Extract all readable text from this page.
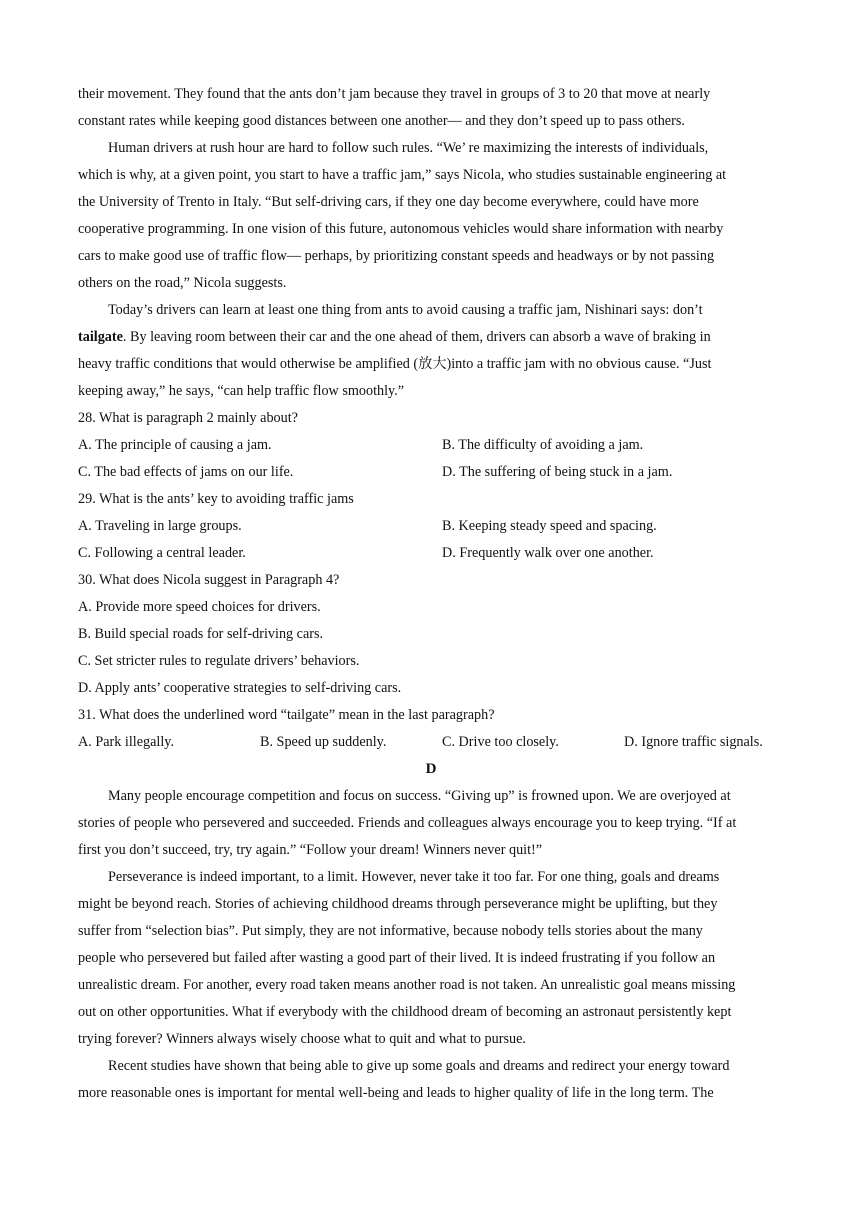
their movement. They found that the ants don’t jam because they travel in groups of 3 to 20 that move at nearly
constant rates while keeping good distances between one another— and they don’t speed up to pass others.
Human drivers at rush hour are hard to follow such rules. “We’ re maximizing the interests of individuals,
which is why, at a given point, you start to have a traffic jam,” says Nicola, who studies sustainable engineering at
the University of Trento in Italy. “But self-driving cars, if they one day become everywhere, could have more
cooperative programming. In one vision of this future, autonomous vehicles would share information with nearby
cars to make good use of traffic flow— perhaps, by prioritizing constant speeds and headways or by not passing
others on the road,” Nicola suggests.
Today’s drivers can learn at least one thing from ants to avoid causing a traffic jam, Nishinari says: don’t
tailgate. By leaving room between their car and the one ahead of them, drivers can absorb a wave of braking in
heavy traffic conditions that would otherwise be amplified (放大)into a traffic jam with no obvious cause. “Just
keeping away,” he says, “can help traffic flow smoothly.”
28. What is paragraph 2 mainly about?
A. The principle of causing a jam.	B. The difficulty of avoiding a jam.
C. The bad effects of jams on our life.	D. The suffering of being stuck in a jam.
29. What is the ants’ key to avoiding traffic jams
A. Traveling in large groups.	B. Keeping steady speed and spacing.
C. Following a central leader.	D. Frequently walk over one another.
30. What does Nicola suggest in Paragraph 4?
A. Provide more speed choices for drivers.
B. Build special roads for self-driving cars.
C. Set stricter rules to regulate drivers’ behaviors.
D. Apply ants’ cooperative strategies to self-driving cars.
31. What does the underlined word “tailgate” mean in the last paragraph?
A. Park illegally.	B. Speed up suddenly.	C. Drive too closely.	D. Ignore traffic signals.
D
Many people encourage competition and focus on success. “Giving up” is frowned upon. We are overjoyed at
stories of people who persevered and succeeded. Friends and colleagues always encourage you to keep trying. “If at
first you don’t succeed, try, try again.” “Follow your dream! Winners never quit!”
Perseverance is indeed important, to a limit. However, never take it too far. For one thing, goals and dreams
might be beyond reach. Stories of achieving childhood dreams through perseverance might be uplifting, but they
suffer from “selection bias”. Put simply, they are not informative, because nobody tells stories about the many
people who persevered but failed after wasting a good part of their lived. It is indeed frustrating if you follow an
unrealistic dream. For another, every road taken means another road is not taken. An unrealistic goal means missing
out on other opportunities. What if everybody with the childhood dream of becoming an astronaut persistently kept
trying forever? Winners always wisely choose what to quit and what to pursue.
Recent studies have shown that being able to give up some goals and dreams and redirect your energy toward
more reasonable ones is important for mental well-being and leads to higher quality of life in the long term. The
